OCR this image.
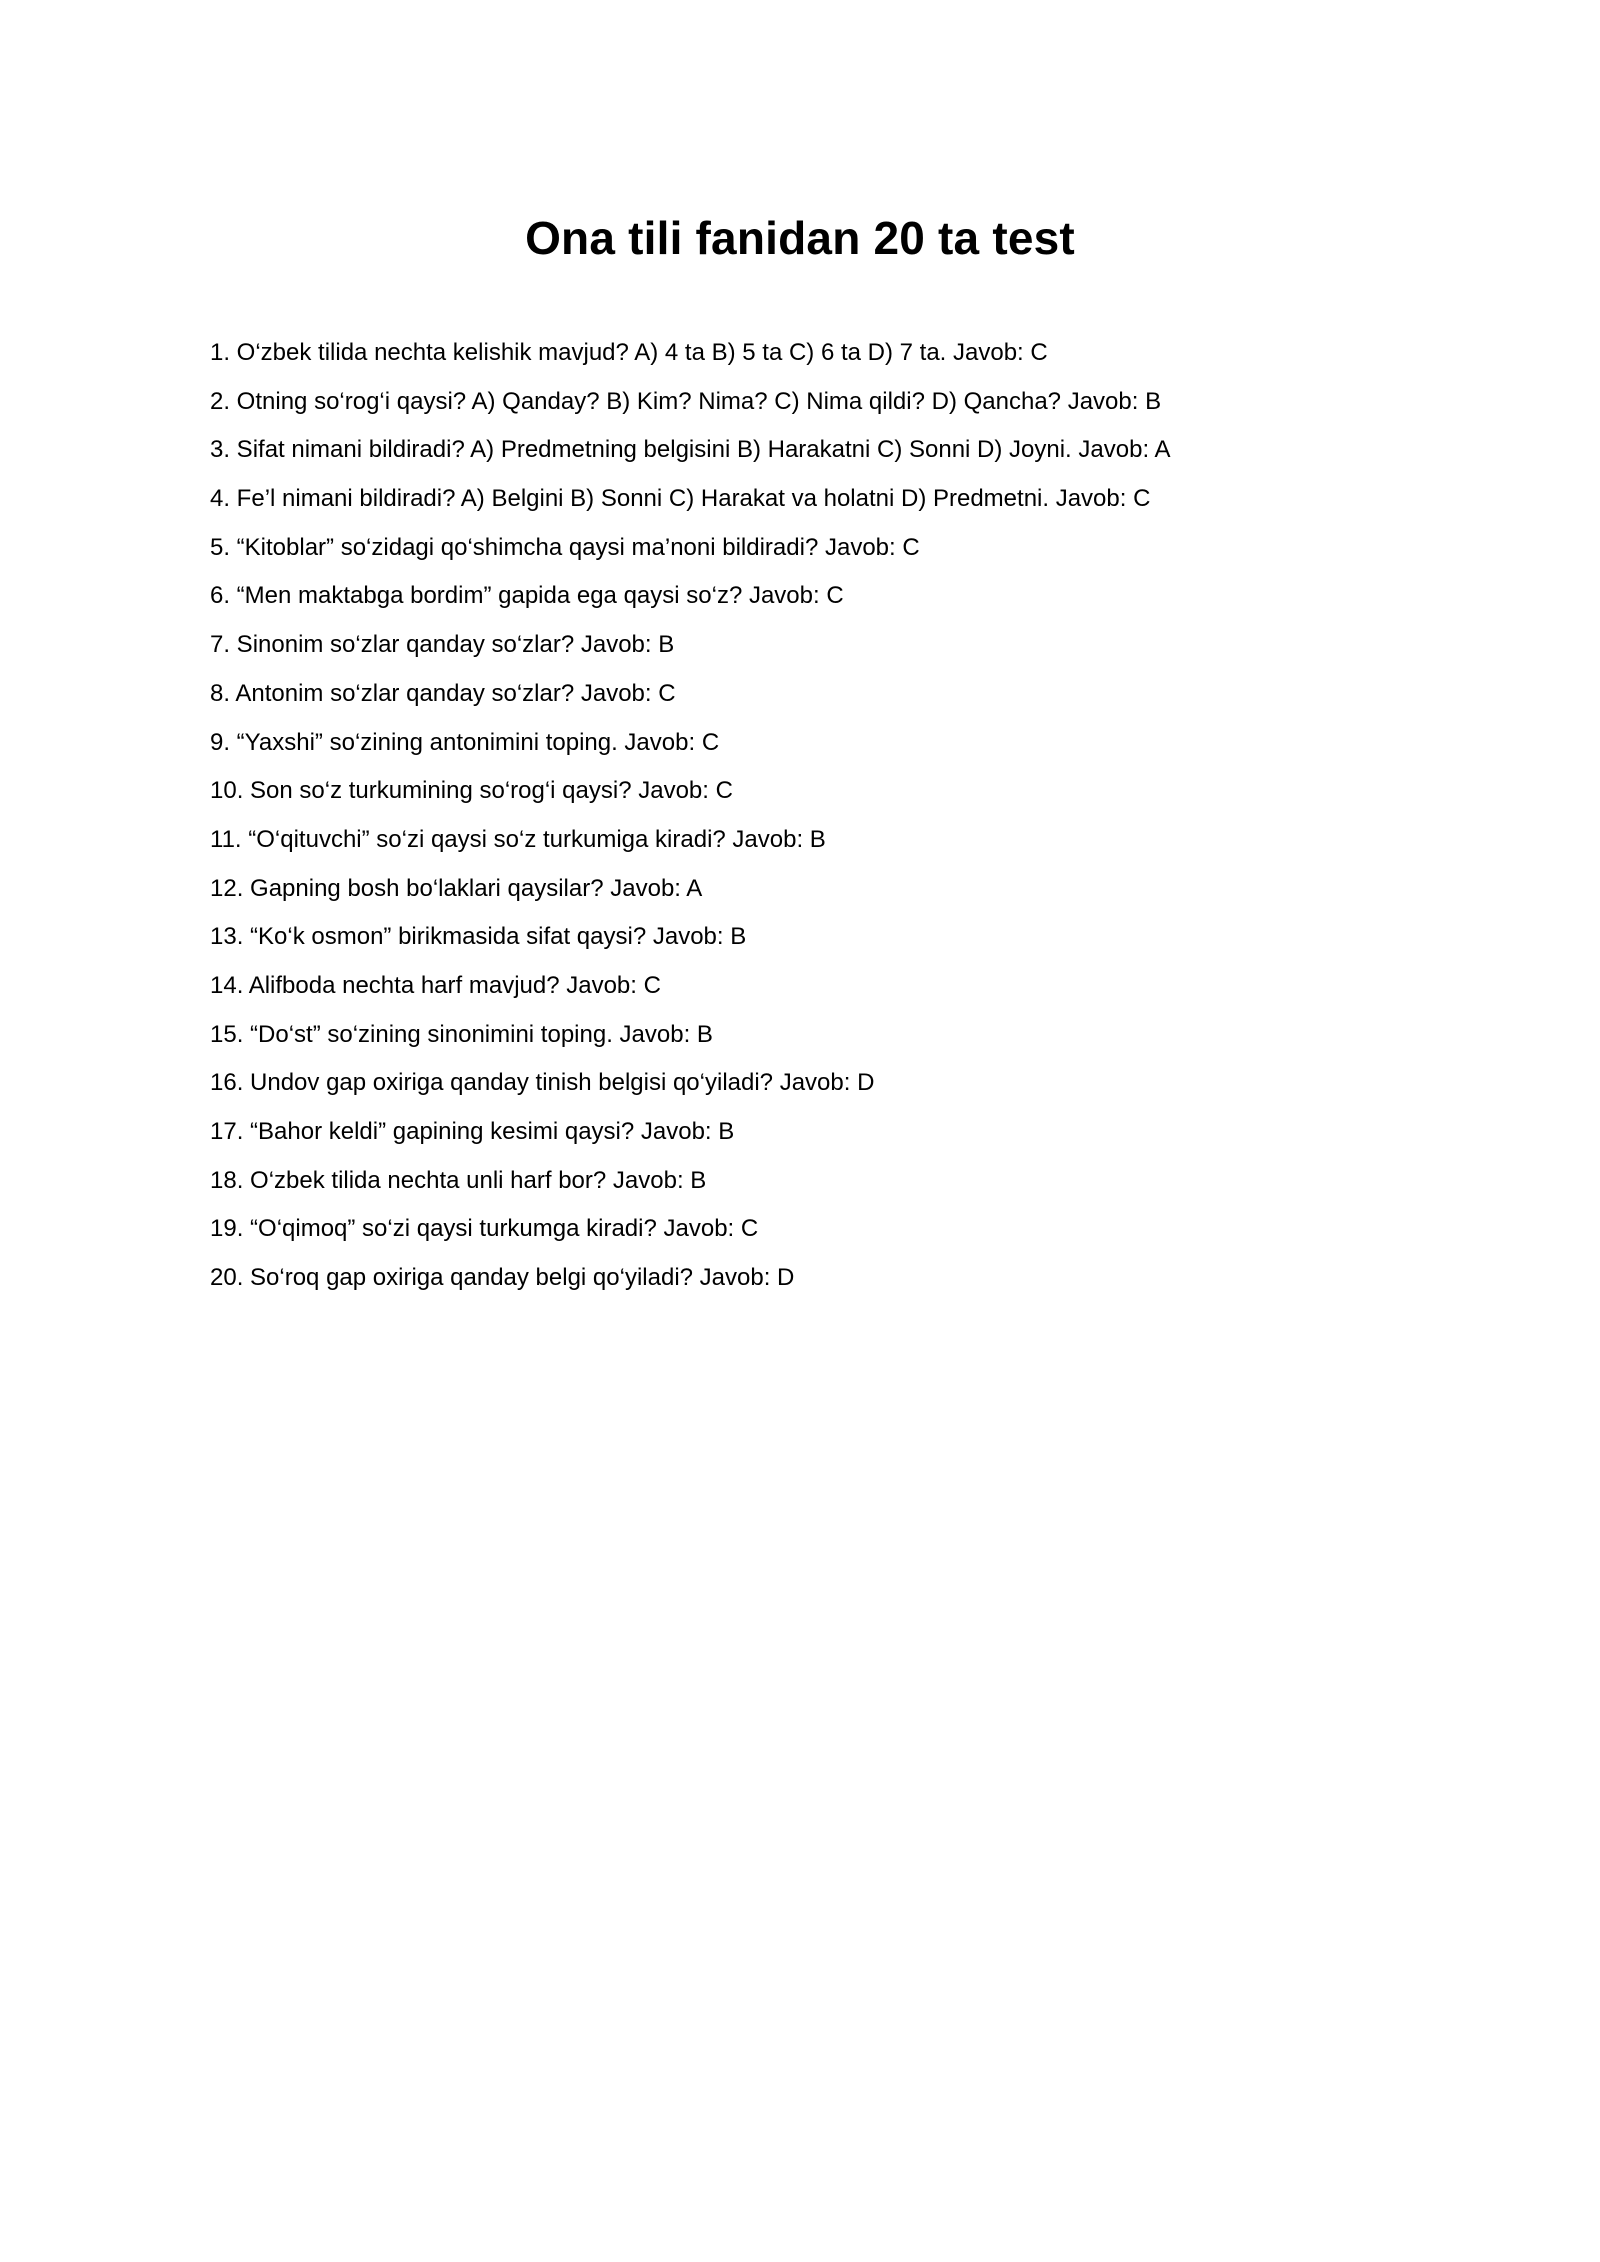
Ona tili fanidan 20 ta test
1. O‘zbek tilida nechta kelishik mavjud? A) 4 ta B) 5 ta C) 6 ta D) 7 ta. Javob: C
2. Otning so‘rog‘i qaysi? A) Qanday? B) Kim? Nima? C) Nima qildi? D) Qancha? Javob: B
3. Sifat nimani bildiradi? A) Predmetning belgisini B) Harakatni C) Sonni D) Joyni. Javob: A
4. Fe’l nimani bildiradi? A) Belgini B) Sonni C) Harakat va holatni D) Predmetni. Javob: C
5. “Kitoblar” so‘zidagi qo‘shimcha qaysi ma’noni bildiradi? Javob: C
6. “Men maktabga bordim” gapida ega qaysi so‘z? Javob: C
7. Sinonim so‘zlar qanday so‘zlar? Javob: B
8. Antonim so‘zlar qanday so‘zlar? Javob: C
9. “Yaxshi” so‘zining antonimini toping. Javob: C
10. Son so‘z turkumining so‘rog‘i qaysi? Javob: C
11. “O‘qituvchi” so‘zi qaysi so‘z turkumiga kiradi? Javob: B
12. Gapning bosh bo‘laklari qaysilar? Javob: A
13. “Ko‘k osmon” birikmasida sifat qaysi? Javob: B
14. Alifboda nechta harf mavjud? Javob: C
15. “Do‘st” so‘zining sinonimini toping. Javob: B
16. Undov gap oxiriga qanday tinish belgisi qo‘yiladi? Javob: D
17. “Bahor keldi” gapining kesimi qaysi? Javob: B
18. O‘zbek tilida nechta unli harf bor? Javob: B
19. “O‘qimoq” so‘zi qaysi turkumga kiradi? Javob: C
20. So‘roq gap oxiriga qanday belgi qo‘yiladi? Javob: D
